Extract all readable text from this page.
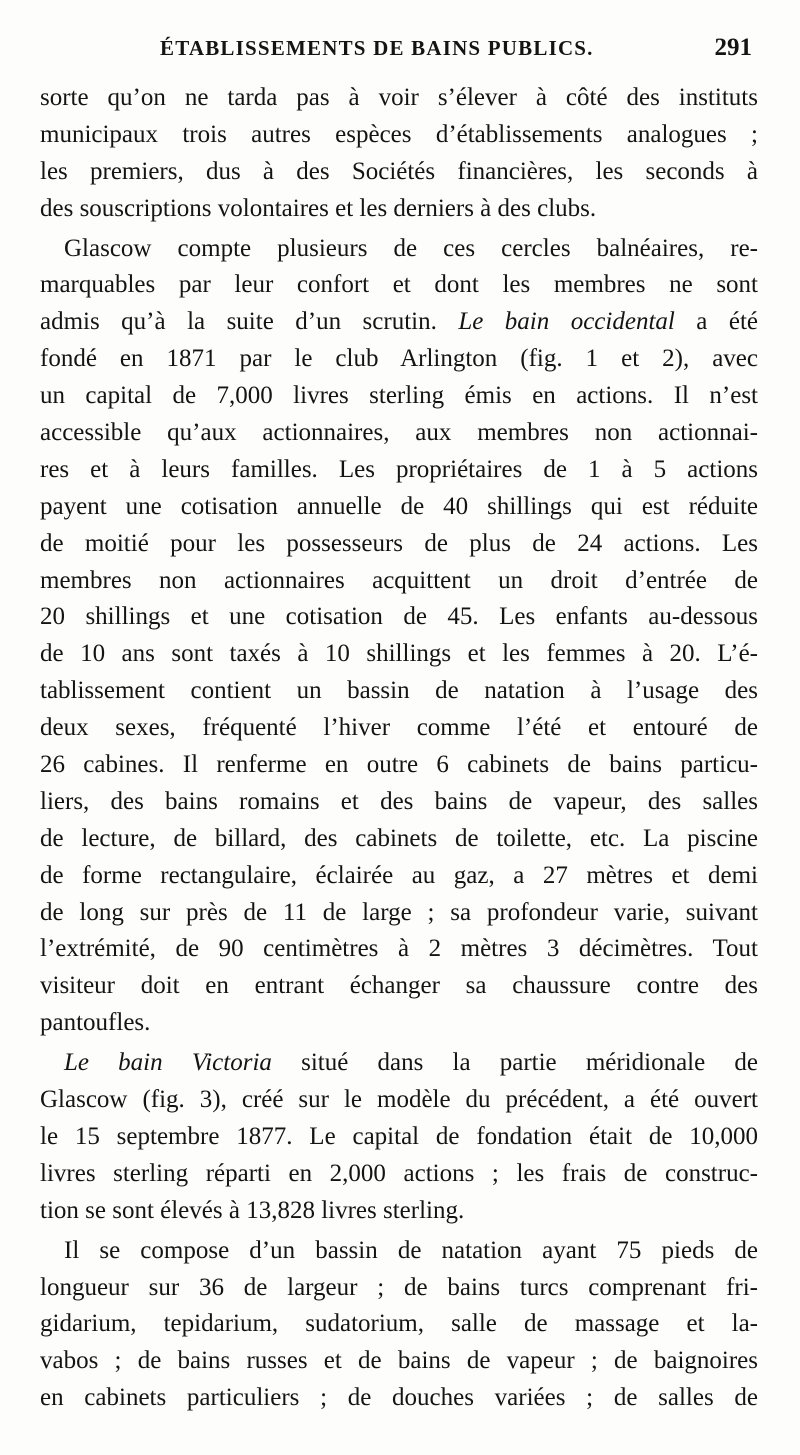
ÉTABLISSEMENTS DE BAINS PUBLICS.	291
sorte qu’on ne tarda pas à voir s’élever à côté des instituts
municipaux trois autres espèces d’établissements analogues ;
les premiers, dus à des Sociétés financières, les seconds à
des souscriptions volontaires et les derniers à des clubs.
Glascow compte plusieurs de ces cercles balnéaires, re-
marquables par leur confort et dont les membres ne sont
admis qu’à la suite d’un scrutin. Le bain occidental a été
fondé en 1871 par le club Arlington (fig. 1 et 2), avec
un capital de 7,000 livres sterling émis en actions. Il n’est
accessible qu’aux actionnaires, aux membres non actionnai-
res et à leurs familles. Les propriétaires de 1 à 5 actions
payent une cotisation annuelle de 40 shillings qui est réduite
de moitié pour les possesseurs de plus de 24 actions. Les
membres non actionnaires acquittent un droit d’entrée de
20 shillings et une cotisation de 45. Les enfants au-dessous
de 10 ans sont taxés à 10 shillings et les femmes à 20. L’é-
tablissement contient un bassin de natation à l’usage des
deux sexes, fréquenté l’hiver comme l’été et entouré de
26 cabines. Il renferme en outre 6 cabinets de bains particu-
liers, des bains romains et des bains de vapeur, des salles
de lecture, de billard, des cabinets de toilette, etc. La piscine
de forme rectangulaire, éclairée au gaz, a 27 mètres et demi
de long sur près de 11 de large ; sa profondeur varie, suivant
l’extrémité, de 90 centimètres à 2 mètres 3 décimètres. Tout
visiteur doit en entrant échanger sa chaussure contre des
pantoufles.
Le bain Victoria situé dans la partie méridionale de
Glascow (fig. 3), créé sur le modèle du précédent, a été ouvert
le 15 septembre 1877. Le capital de fondation était de 10,000
livres sterling réparti en 2,000 actions ; les frais de construc-
tion se sont élevés à 13,828 livres sterling.
Il se compose d’un bassin de natation ayant 75 pieds de
longueur sur 36 de largeur ; de bains turcs comprenant fri-
gidarium, tepidarium, sudatorium, salle de massage et la-
vabos ; de bains russes et de bains de vapeur ; de baignoires
en cabinets particuliers ; de douches variées ; de salles de
